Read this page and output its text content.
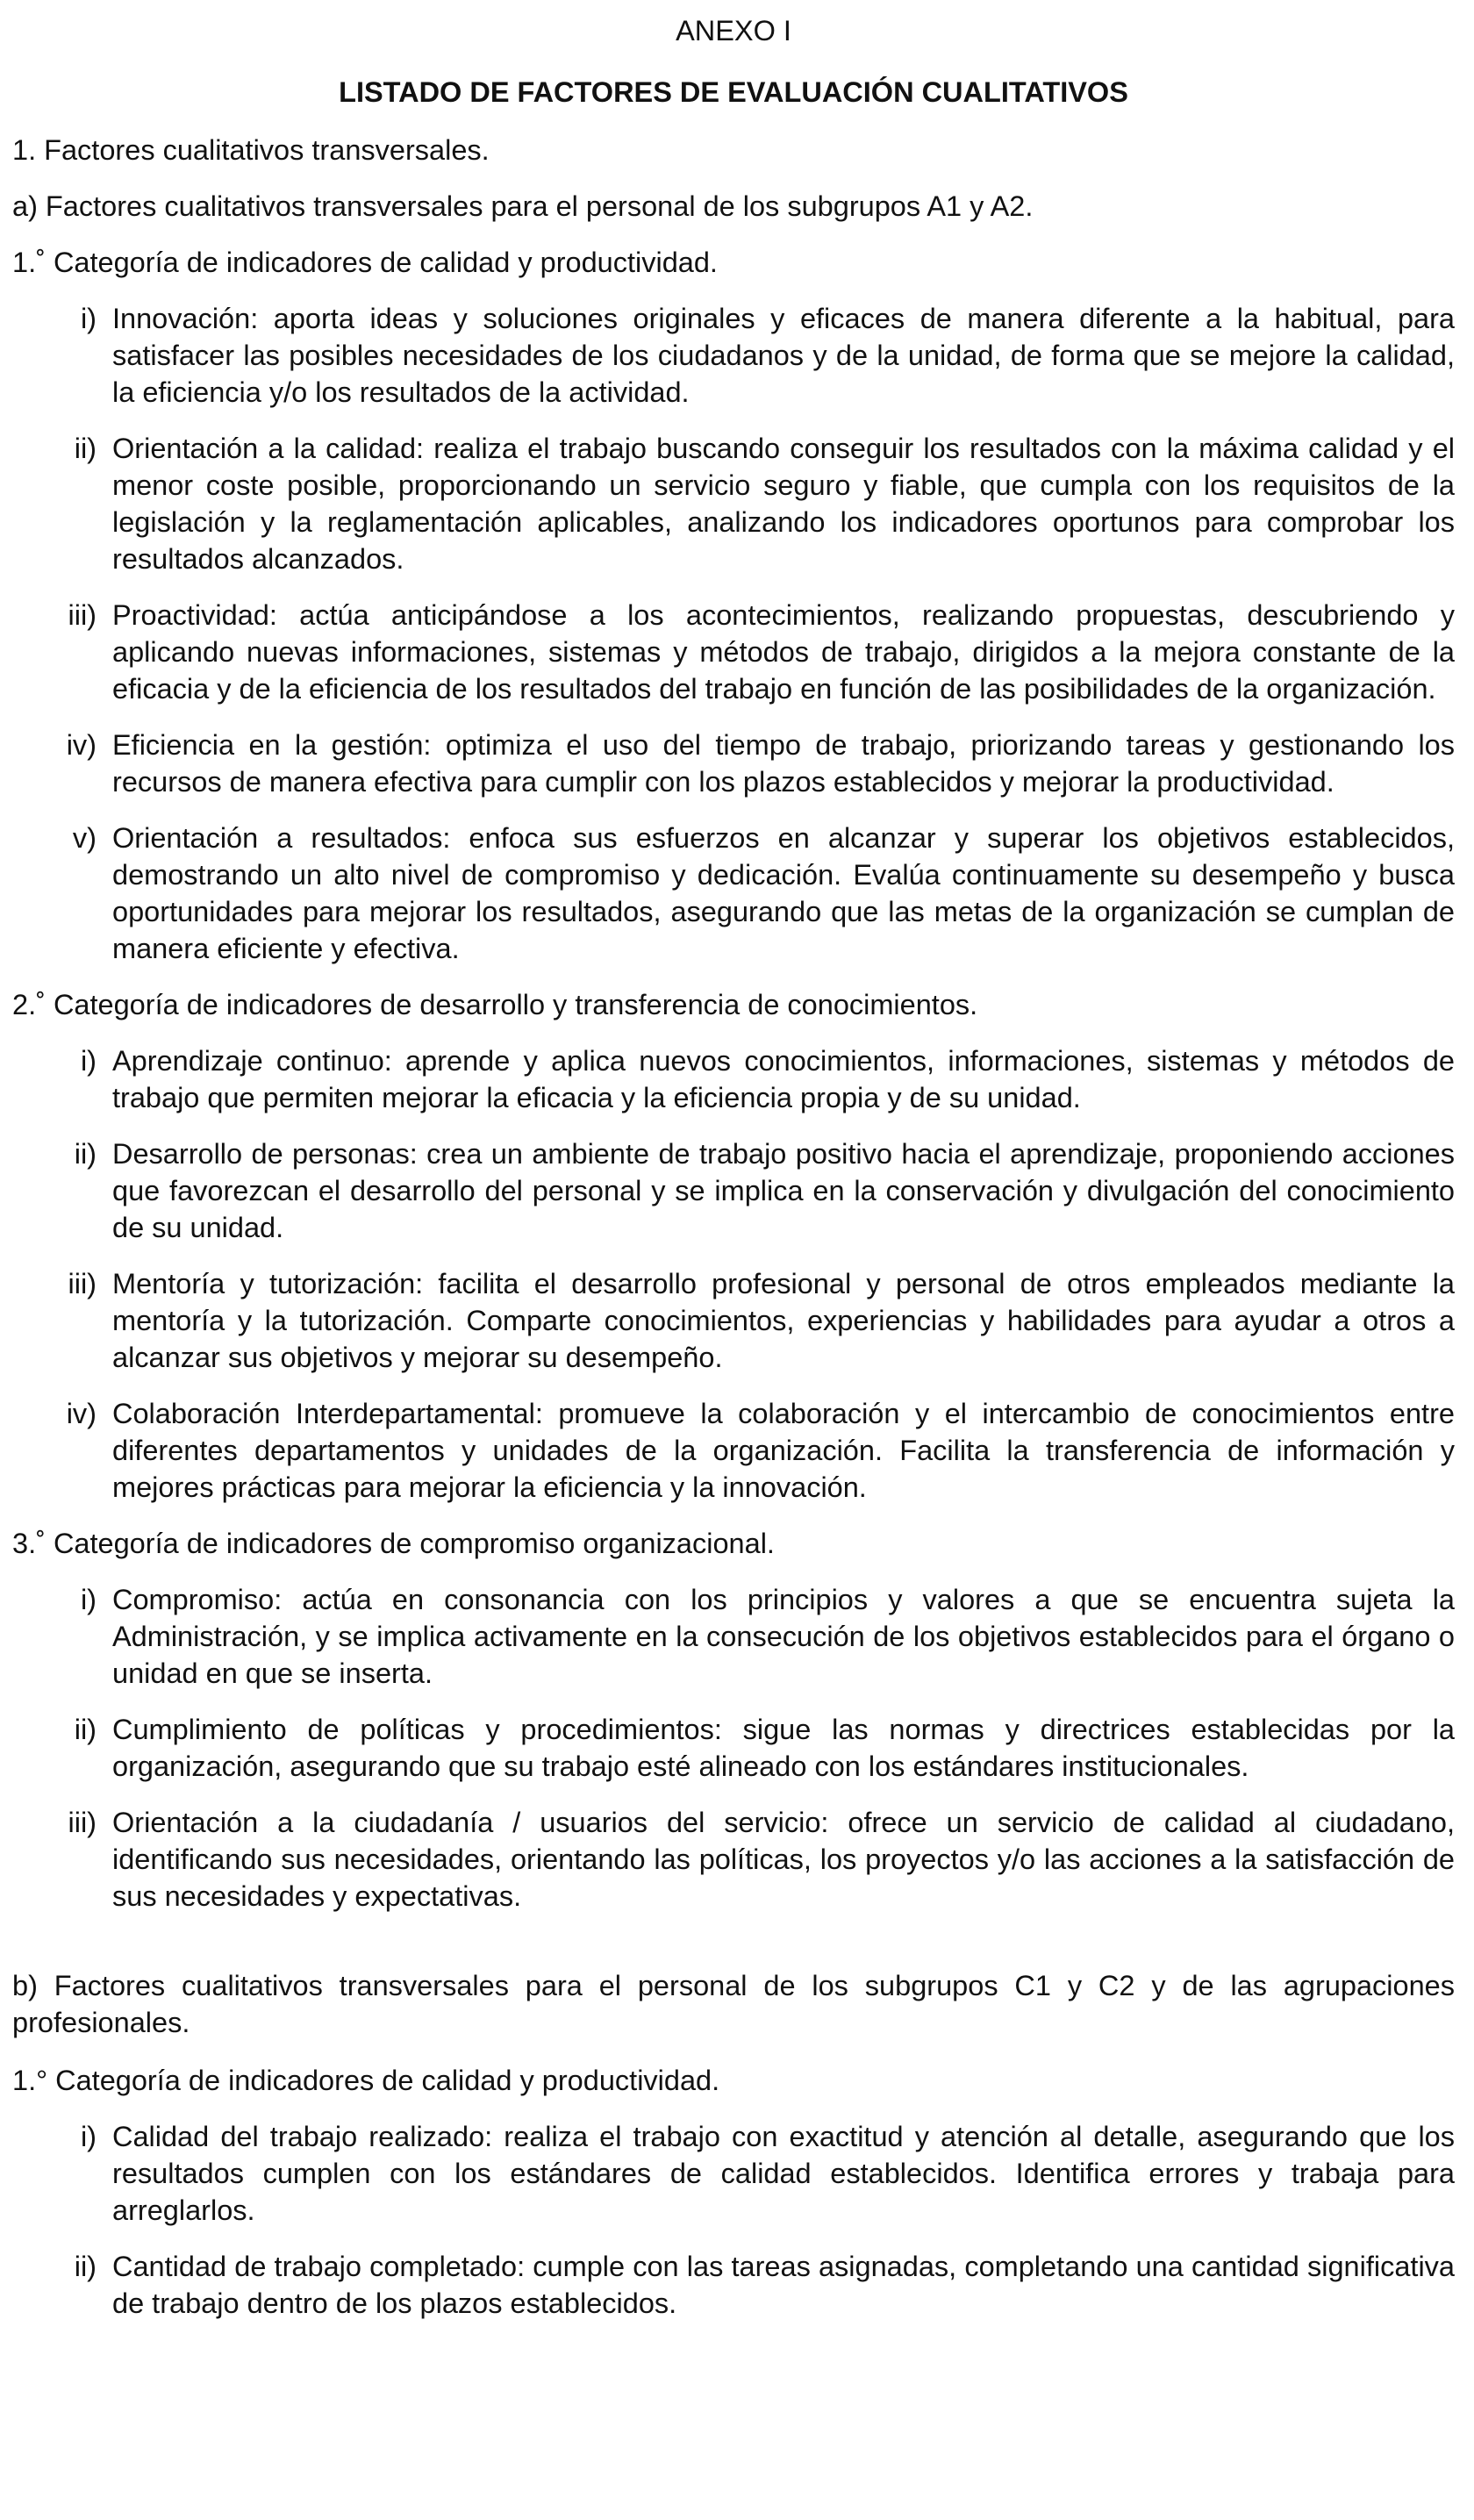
ANEXO I

LISTADO DE FACTORES DE EVALUACIÓN CUALITATIVOS

1. Factores cualitativos transversales.

a) Factores cualitativos transversales para el personal de los subgrupos A1 y A2.

1.˚ Categoría de indicadores de calidad y productividad.

i) Innovación: aporta ideas y soluciones originales y eficaces de manera diferente a la habitual, para satisfacer las posibles necesidades de los ciudadanos y de la unidad, de forma que se mejore la calidad, la eficiencia y/o los resultados de la actividad.
ii) Orientación a la calidad: realiza el trabajo buscando conseguir los resultados con la máxima calidad y el menor coste posible, proporcionando un servicio seguro y fiable, que cumpla con los requisitos de la legislación y la reglamentación aplicables, analizando los indicadores oportunos para comprobar los resultados alcanzados.
iii) Proactividad: actúa anticipándose a los acontecimientos, realizando propuestas, descubriendo y aplicando nuevas informaciones, sistemas y métodos de trabajo, dirigidos a la mejora constante de la eficacia y de la eficiencia de los resultados del trabajo en función de las posibilidades de la organización.
iv) Eficiencia en la gestión: optimiza el uso del tiempo de trabajo, priorizando tareas y gestionando los recursos de manera efectiva para cumplir con los plazos establecidos y mejorar la productividad.
v) Orientación a resultados: enfoca sus esfuerzos en alcanzar y superar los objetivos establecidos, demostrando un alto nivel de compromiso y dedicación. Evalúa continuamente su desempeño y busca oportunidades para mejorar los resultados, asegurando que las metas de la organización se cumplan de manera eficiente y efectiva.

2.˚ Categoría de indicadores de desarrollo y transferencia de conocimientos.

i) Aprendizaje continuo: aprende y aplica nuevos conocimientos, informaciones, sistemas y métodos de trabajo que permiten mejorar la eficacia y la eficiencia propia y de su unidad.
ii) Desarrollo de personas: crea un ambiente de trabajo positivo hacia el aprendizaje, proponiendo acciones que favorezcan el desarrollo del personal y se implica en la conservación y divulgación del conocimiento de su unidad.
iii) Mentoría y tutorización: facilita el desarrollo profesional y personal de otros empleados mediante la mentoría y la tutorización. Comparte conocimientos, experiencias y habilidades para ayudar a otros a alcanzar sus objetivos y mejorar su desempeño.
iv) Colaboración Interdepartamental: promueve la colaboración y el intercambio de conocimientos entre diferentes departamentos y unidades de la organización. Facilita la transferencia de información y mejores prácticas para mejorar la eficiencia y la innovación.

3.˚ Categoría de indicadores de compromiso organizacional.

i) Compromiso: actúa en consonancia con los principios y valores a que se encuentra sujeta la Administración, y se implica activamente en la consecución de los objetivos establecidos para el órgano o unidad en que se inserta.
ii) Cumplimiento de políticas y procedimientos: sigue las normas y directrices establecidas por la organización, asegurando que su trabajo esté alineado con los estándares institucionales.
iii) Orientación a la ciudadanía / usuarios del servicio: ofrece un servicio de calidad al ciudadano, identificando sus necesidades, orientando las políticas, los proyectos y/o las acciones a la satisfacción de sus necesidades y expectativas.

b) Factores cualitativos transversales para el personal de los subgrupos C1 y C2 y de las agrupaciones profesionales.

1.° Categoría de indicadores de calidad y productividad.

i) Calidad del trabajo realizado: realiza el trabajo con exactitud y atención al detalle, asegurando que los resultados cumplen con los estándares de calidad establecidos. Identifica errores y trabaja para arreglarlos.
ii) Cantidad de trabajo completado: cumple con las tareas asignadas, completando una cantidad significativa de trabajo dentro de los plazos establecidos.
